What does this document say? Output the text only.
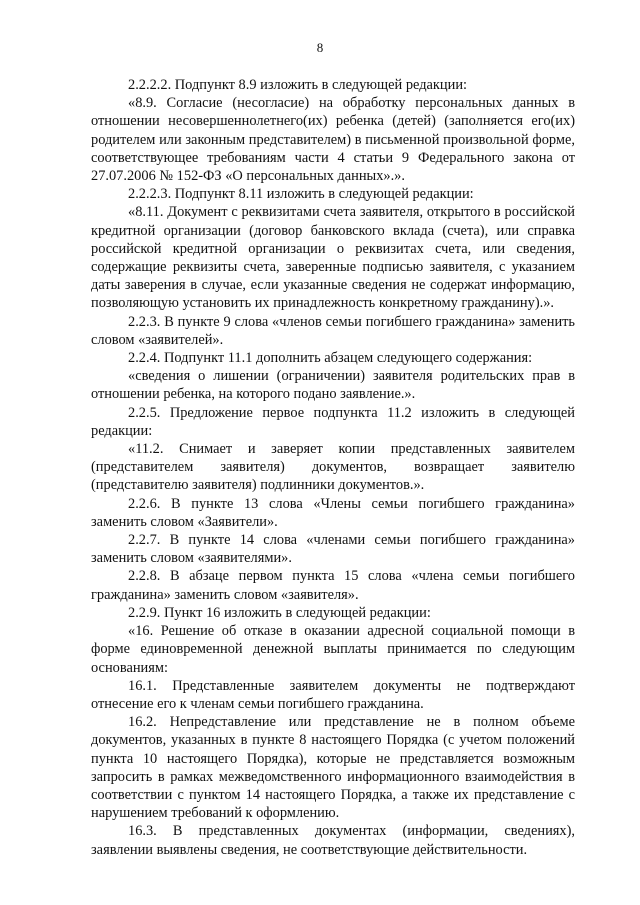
8

2.2.2.2. Подпункт 8.9 изложить в следующей редакции:

«8.9. Согласие (несогласие) на обработку персональных данных в отношении несовершеннолетнего(их) ребенка (детей) (заполняется его(их) родителем или законным представителем) в письменной произвольной форме, соответствующее требованиям части 4 статьи 9 Федерального закона от 27.07.2006 № 152-ФЗ «О персональных данных».».

2.2.2.3. Подпункт 8.11 изложить в следующей редакции:

«8.11. Документ с реквизитами счета заявителя, открытого в российской кредитной организации (договор банковского вклада (счета), или справка российской кредитной организации о реквизитах счета, или сведения, содержащие реквизиты счета, заверенные подписью заявителя, с указанием даты заверения в случае, если указанные сведения не содержат информацию, позволяющую установить их принадлежность конкретному гражданину).».

2.2.3. В пункте 9 слова «членов семьи погибшего гражданина» заменить словом «заявителей».

2.2.4. Подпункт 11.1 дополнить абзацем следующего содержания:

«сведения о лишении (ограничении) заявителя родительских прав в отношении ребенка, на которого подано заявление.».

2.2.5. Предложение первое подпункта 11.2 изложить в следующей редакции:

«11.2. Снимает и заверяет копии представленных заявителем (представителем заявителя) документов, возвращает заявителю (представителю заявителя) подлинники документов.».

2.2.6. В пункте 13 слова «Члены семьи погибшего гражданина» заменить словом «Заявители».

2.2.7. В пункте 14 слова «членами семьи погибшего гражданина» заменить словом «заявителями».

2.2.8. В абзаце первом пункта 15 слова «члена семьи погибшего гражданина» заменить словом «заявителя».

2.2.9. Пункт 16 изложить в следующей редакции:

«16. Решение об отказе в оказании адресной социальной помощи в форме единовременной денежной выплаты принимается по следующим основаниям:

16.1. Представленные заявителем документы не подтверждают отнесение его к членам семьи погибшего гражданина.

16.2. Непредставление или представление не в полном объеме документов, указанных в пункте 8 настоящего Порядка (с учетом положений пункта 10 настоящего Порядка), которые не представляется возможным запросить в рамках межведомственного информационного взаимодействия в соответствии с пунктом 14 настоящего Порядка, а также их представление с нарушением требований к оформлению.

16.3. В представленных документах (информации, сведениях), заявлении выявлены сведения, не соответствующие действительности.
